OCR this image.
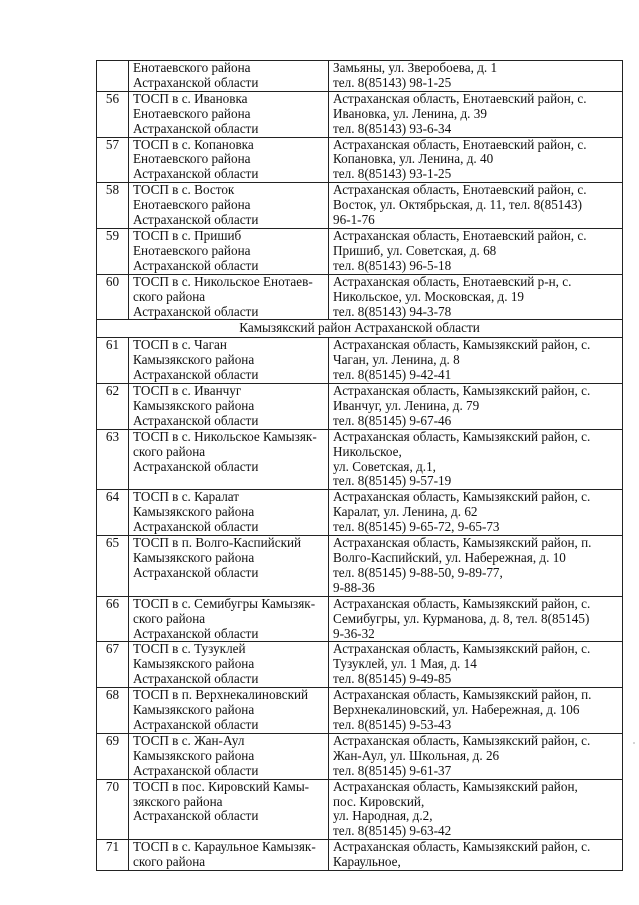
	Енотаевского района
Астраханской области	Замьяны, ул. Зверобоева, д. 1
тел. 8(85143) 98-1-25

56	ТОСП в с. Ивановка
Енотаевского района
Астраханской области	Астраханская область, Енотаевский район, с.
Ивановка, ул. Ленина, д. 39
тел. 8(85143) 93-6-34

57	ТОСП в с. Копановка
Енотаевского района
Астраханской области	Астраханская область, Енотаевский район, с.
Копановка, ул. Ленина, д. 40
тел. 8(85143) 93-1-25

58	ТОСП в с. Восток
Енотаевского района
Астраханской области	Астраханская область, Енотаевский район, с.
Восток, ул. Октябрьская, д. 11, тел. 8(85143)
96-1-76

59	ТОСП в с. Пришиб
Енотаевского района
Астраханской области	Астраханская область, Енотаевский район, с.
Пришиб, ул. Советская, д. 68
тел. 8(85143) 96-5-18

60	ТОСП в с. Никольское Енотаев-
ского района
Астраханской области	Астраханская область, Енотаевский р-н, с.
Никольское, ул. Московская, д. 19
тел. 8(85143) 94-3-78

Камызякский район Астраханской области		
61	ТОСП в с. Чаган
Камызякского района
Астраханской области	Астраханская область, Камызякский район, с.
Чаган, ул. Ленина, д. 8
тел. 8(85145) 9-42-41

62	ТОСП в с. Иванчуг
Камызякского района
Астраханской области	Астраханская область, Камызякский район, с.
Иванчуг, ул. Ленина, д. 79
тел. 8(85145) 9-67-46

63	ТОСП в с. Никольское Камызяк-
ского района
Астраханской области	Астраханская область, Камызякский район, с.
Никольское,
ул. Советская, д.1,
тел. 8(85145) 9-57-19

64	ТОСП в с. Каралат
Камызякского района
Астраханской области	Астраханская область, Камызякский район, с.
Каралат, ул. Ленина, д. 62
тел. 8(85145) 9-65-72, 9-65-73

65	ТОСП в п. Волго-Каспийский
Камызякского района
Астраханской области	Астраханская область, Камызякский район, п.
Волго-Каспийский, ул. Набережная, д. 10
тел. 8(85145) 9-88-50, 9-89-77,
9-88-36

66	ТОСП в с. Семибугры Камызяк-
ского района
Астраханской области	Астраханская область, Камызякский район, с.
Семибугры, ул. Курманова, д. 8, тел. 8(85145)
9-36-32

67	ТОСП в с. Тузуклей
Камызякского района
Астраханской области	Астраханская область, Камызякский район, с.
Тузуклей, ул. 1 Мая, д. 14
тел. 8(85145) 9-49-85

68	ТОСП в п. Верхнекалиновский
Камызякского района
Астраханской области	Астраханская область, Камызякский район, п.
Верхнекалиновский, ул. Набережная, д. 106
тел. 8(85145) 9-53-43

69	ТОСП в с. Жан-Аул
Камызякского района
Астраханской области	Астраханская область, Камызякский район, с.
Жан-Аул, ул. Школьная, д. 26
тел. 8(85145) 9-61-37

70	ТОСП в пос. Кировский Камы-
зякского района
Астраханской области	Астраханская область, Камызякский район,
пос. Кировский,
ул. Народная, д.2,
тел. 8(85145) 9-63-42

71	ТОСП в с. Караульное Камызяк-
ского района	Астраханская область, Камызякский район, с.
Караульное,
